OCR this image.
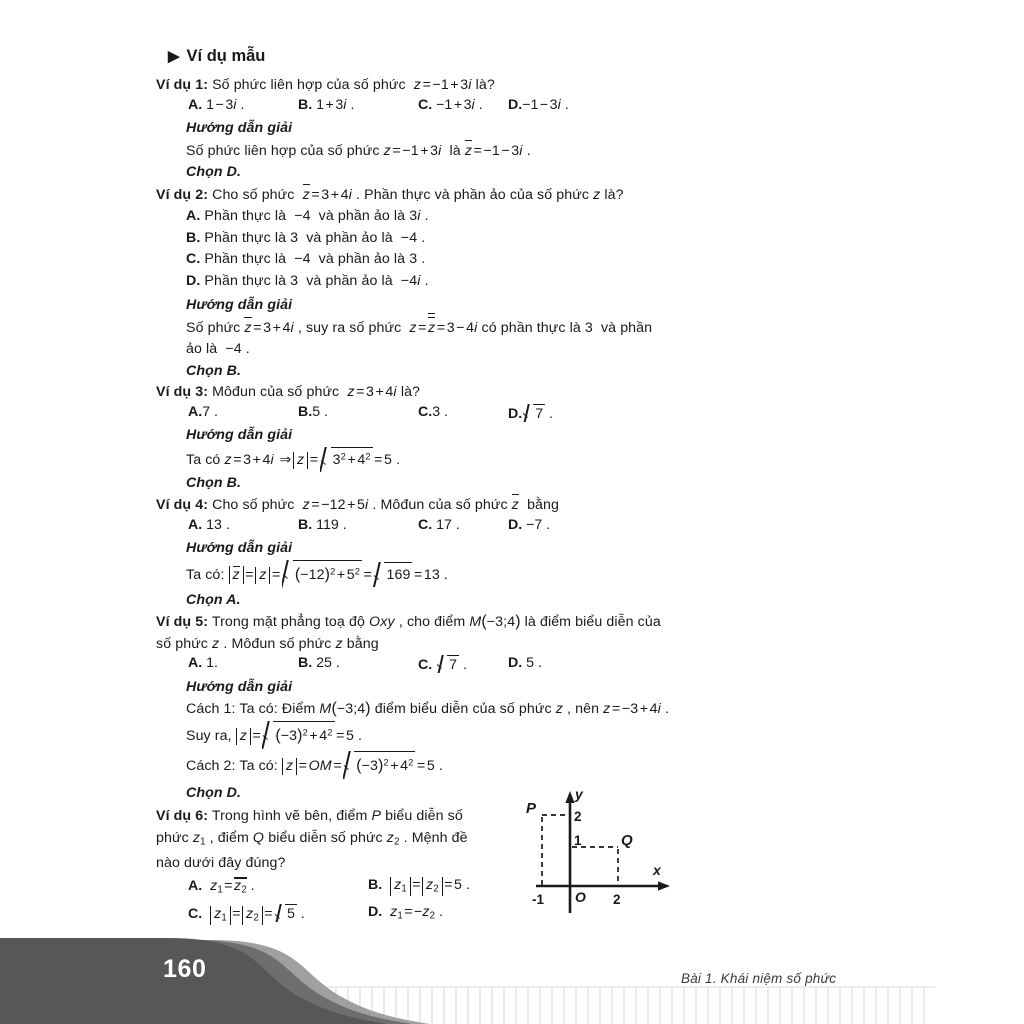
▶ Ví dụ mẫu
Ví dụ 1: Số phức liên hợp của số phức z = −1 + 3i là?
A. 1 − 3i .	B. 1 + 3i .	C. −1 + 3i . D.−1 − 3i .
Hướng dẫn giải
Số phức liên hợp của số phức z = −1 + 3i  là z = −1 − 3i .
Chọn D.
Ví dụ 2: Cho số phức z = 3 + 4i . Phần thực và phần ảo của số phức z là?
A. Phần thực là  −4  và phần ảo là 3i .
B. Phần thực là 3  và phần ảo là  −4 .
C. Phần thực là  −4  và phần ảo là 3 .
D. Phần thực là 3  và phần ảo là  −4i .
Hướng dẫn giải
Số phức z = 3 + 4i , suy ra số phức  z = z = 3 − 4i có phần thực là 3  và phần
ảo là  −4 .
Chọn B.
Ví dụ 3: Môđun của số phức z = 3 + 4i là?
A.7 .	B.5 .	C.3 .	D. 7 .
Hướng dẫn giải
Ta có z = 3 + 4i ⇒ $z = 3^2 + 4^2 = 5$ .
Chọn B.
Ví dụ 4: Cho số phức z = −12 + 5i . Môđun của số phức z  bằng
A. 13 .	B. 119 .	C. 17 .	D. −7 .
Hướng dẫn giải
Ta có: $z = z = (-12)^2 + 5^2 = 169 = 13$ .
Chọn A.
Ví dụ 5: Trong mặt phẳng toạ độ Oxy , cho điểm M(−3;4) là điểm biểu diễn của
số phức z . Môđun số phức z bằng
A. 1.	B. 25 .	C. 7 .	D. 5 .
Hướng dẫn giải
Cách 1: Ta có: Điểm M(−3;4) điểm biểu diễn của số phức z , nên z = −3 + 4i .
Suy ra, $z = (-3)^2 + 4^2 = 5$ .
Cách 2: Ta có: z = OM = $(-3)^2 + 4^2 = 5$ .
Chọn D.
Ví dụ 6: Trong hình vẽ bên, điểm P biểu diễn số
phức $z_1$ , điểm Q biểu diễn số phức $z_2$ . Mệnh đề
nào dưới đây đúng?
A. $z_1 = z_2$ .	B. $z_1 = z_2 = 5$ .
C. $z_1 = z_2 = 5$ .	D. $z_1 = -z_2$ .
y
x
O
-1	2
2
1
P
Q
160	Bài 1. Khái niệm số phức
